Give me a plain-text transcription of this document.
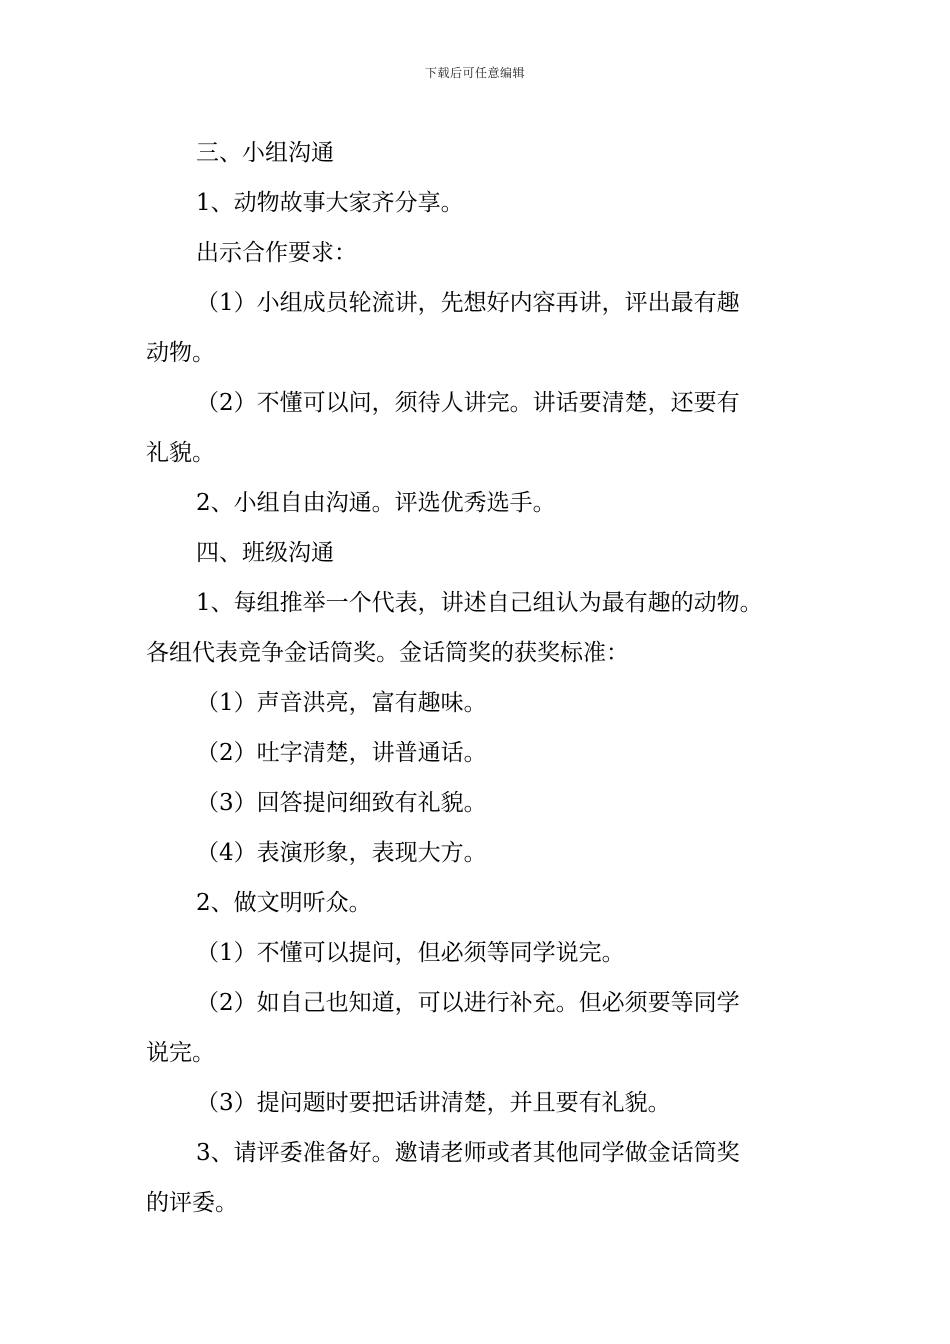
下载后可任意编辑

三、小组沟通

1、动物故事大家齐分享。

出示合作要求：

（1）小组成员轮流讲，先想好内容再讲，评出最有趣

动物。

（2）不懂可以问，须待人讲完。讲话要清楚，还要有

礼貌。

2、小组自由沟通。评选优秀选手。

四、班级沟通

1、每组推举一个代表，讲述自己组认为最有趣的动物。

各组代表竞争金话筒奖。金话筒奖的获奖标准：

（1）声音洪亮，富有趣味。

（2）吐字清楚，讲普通话。

（3）回答提问细致有礼貌。

（4）表演形象，表现大方。

2、做文明听众。

（1）不懂可以提问，但必须等同学说完。

（2）如自己也知道，可以进行补充。但必须要等同学

说完。

（3）提问题时要把话讲清楚，并且要有礼貌。

3、请评委准备好。邀请老师或者其他同学做金话筒奖

的评委。
